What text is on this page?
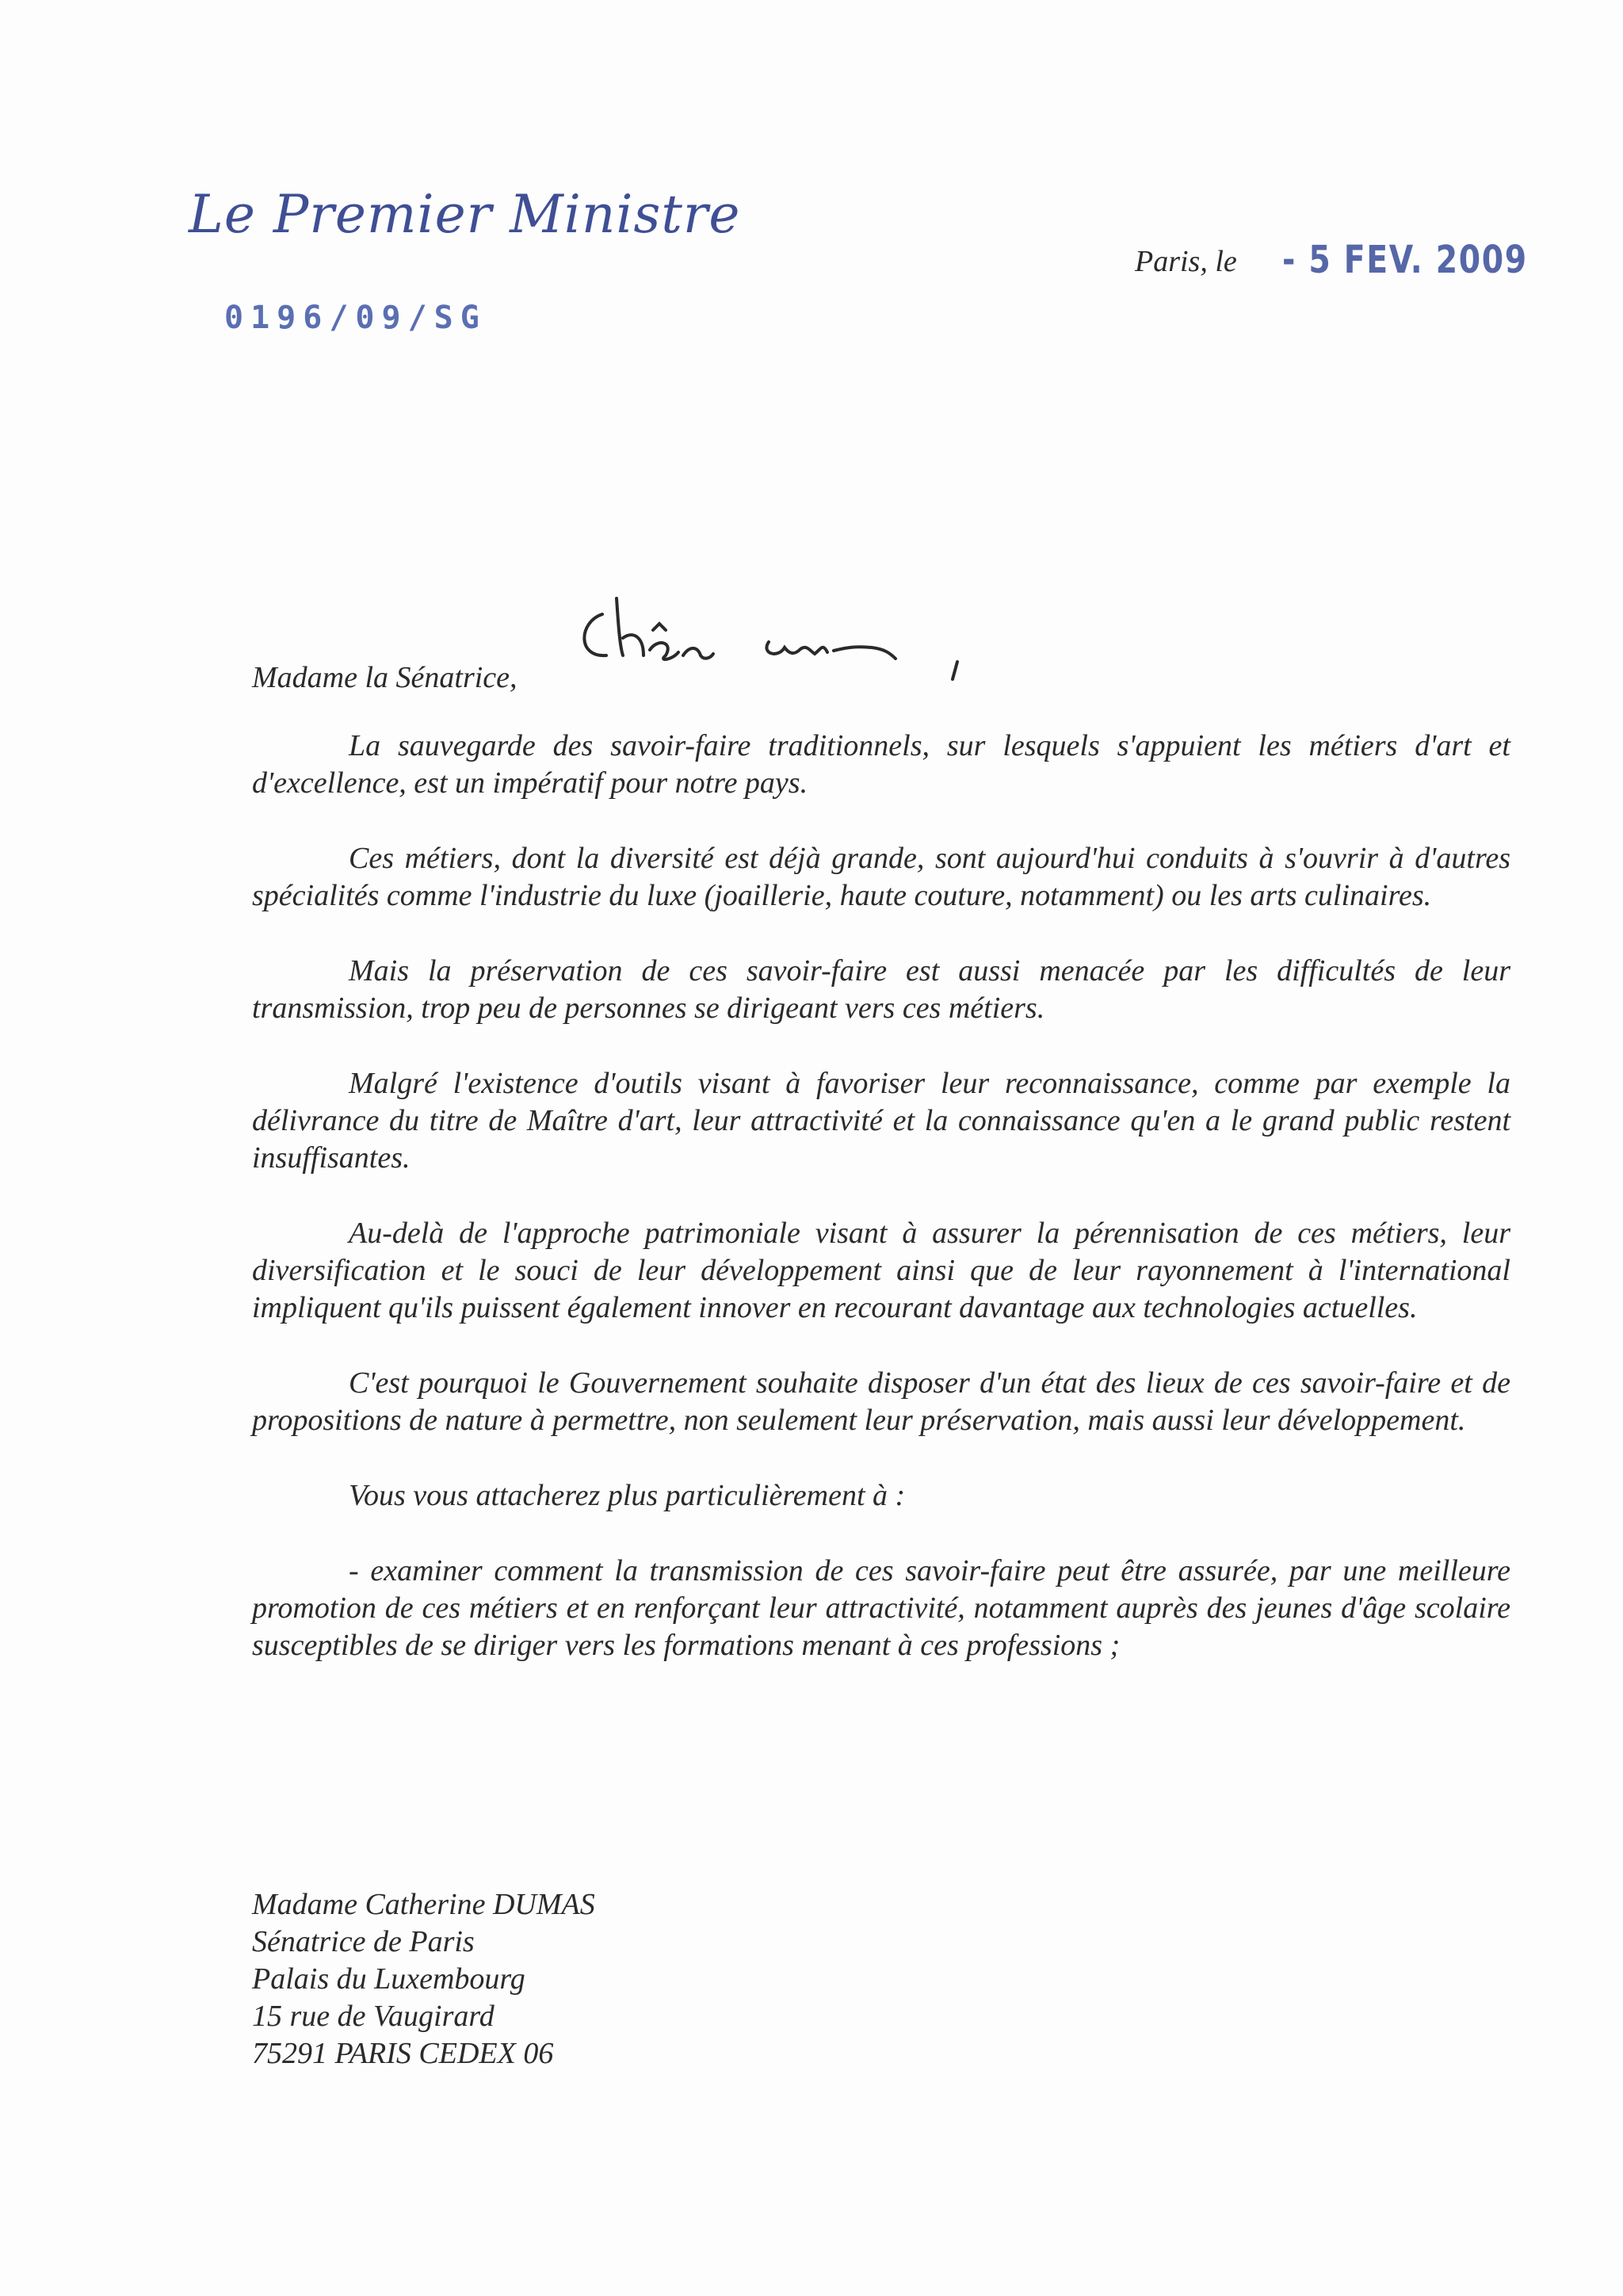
Le Premier Ministre
0196/09/SG
Paris, le - 5 FEV. 2009
Chère amie,
Madame la Sénatrice,

La sauvegarde des savoir-faire traditionnels, sur lesquels s'appuient les métiers d'art et d'excellence, est un impératif pour notre pays.

Ces métiers, dont la diversité est déjà grande, sont aujourd'hui conduits à s'ouvrir à d'autres spécialités comme l'industrie du luxe (joaillerie, haute couture, notamment) ou les arts culinaires.

Mais la préservation de ces savoir-faire est aussi menacée par les difficultés de leur transmission, trop peu de personnes se dirigeant vers ces métiers.

Malgré l'existence d'outils visant à favoriser leur reconnaissance, comme par exemple la délivrance du titre de Maître d'art, leur attractivité et la connaissance qu'en a le grand public restent insuffisantes.

Au-delà de l'approche patrimoniale visant à assurer la pérennisation de ces métiers, leur diversification et le souci de leur développement ainsi que de leur rayonnement à l'international impliquent qu'ils puissent également innover en recourant davantage aux technologies actuelles.

C'est pourquoi le Gouvernement souhaite disposer d'un état des lieux de ces savoir-faire et de propositions de nature à permettre, non seulement leur préservation, mais aussi leur développement.

Vous vous attacherez plus particulièrement à :

- examiner comment la transmission de ces savoir-faire peut être assurée, par une meilleure promotion de ces métiers et en renforçant leur attractivité, notamment auprès des jeunes d'âge scolaire susceptibles de se diriger vers les formations menant à ces professions ;

Madame Catherine DUMAS
Sénatrice de Paris
Palais du Luxembourg
15 rue de Vaugirard
75291 PARIS CEDEX 06
